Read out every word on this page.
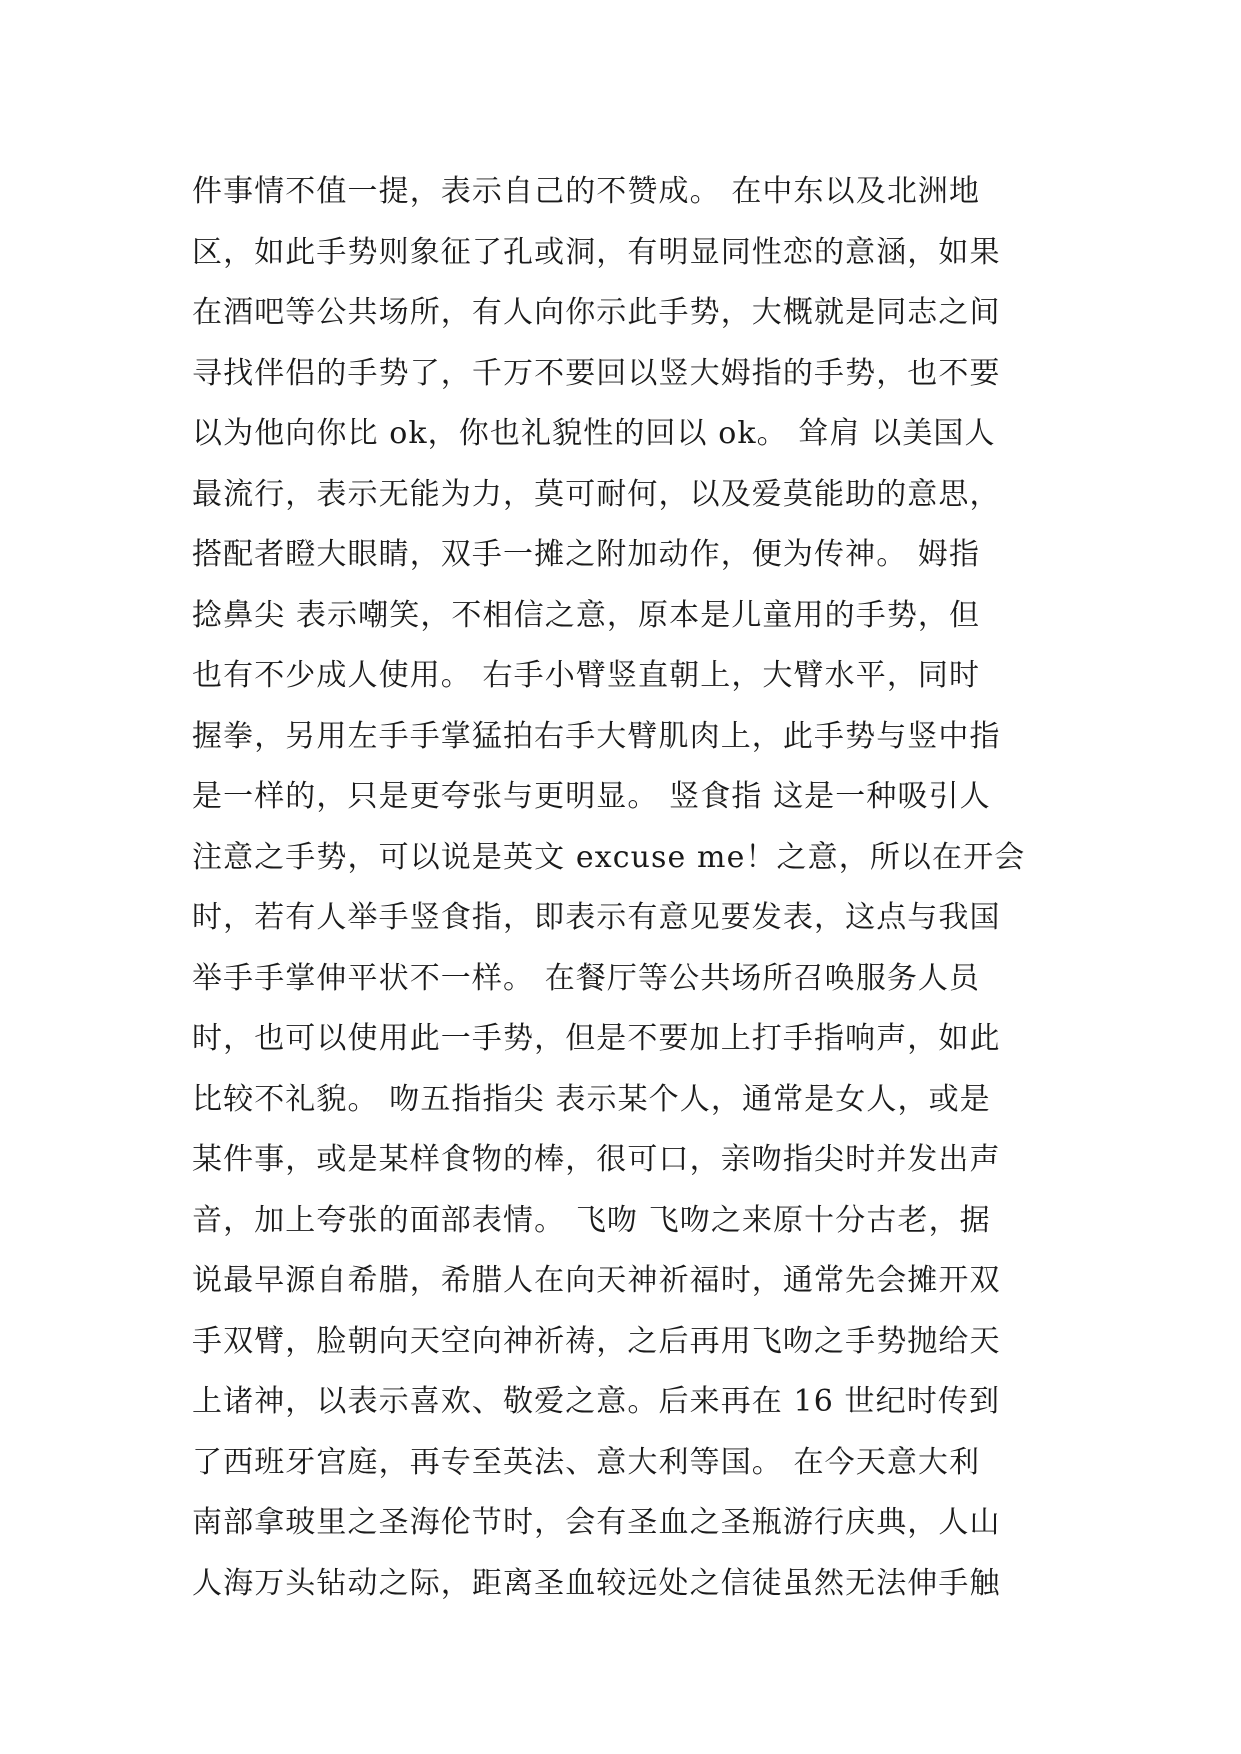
件事情不值一提，表示自己的不赞成。 在中东以及北洲地
区，如此手势则象征了孔或洞，有明显同性恋的意涵，如果
在酒吧等公共场所，有人向你示此手势，大概就是同志之间
寻找伴侣的手势了，千万不要回以竖大姆指的手势，也不要
以为他向你比 ok，你也礼貌性的回以 ok。 耸肩 以美国人
最流行，表示无能为力，莫可耐何，以及爱莫能助的意思，
搭配者瞪大眼睛，双手一摊之附加动作，便为传神。 姆指
捻鼻尖 表示嘲笑，不相信之意，原本是儿童用的手势，但
也有不少成人使用。 右手小臂竖直朝上，大臂水平，同时
握拳，另用左手手掌猛拍右手大臂肌肉上，此手势与竖中指
是一样的，只是更夸张与更明显。 竖食指 这是一种吸引人
注意之手势，可以说是英文 excuse me！之意，所以在开会
时，若有人举手竖食指，即表示有意见要发表，这点与我国
举手手掌伸平状不一样。 在餐厅等公共场所召唤服务人员
时，也可以使用此一手势，但是不要加上打手指响声，如此
比较不礼貌。 吻五指指尖 表示某个人，通常是女人，或是
某件事，或是某样食物的棒，很可口，亲吻指尖时并发出声
音，加上夸张的面部表情。 飞吻 飞吻之来原十分古老，据
说最早源自希腊，希腊人在向天神祈福时，通常先会摊开双
手双臂，脸朝向天空向神祈祷，之后再用飞吻之手势抛给天
上诸神，以表示喜欢、敬爱之意。后来再在 16 世纪时传到
了西班牙宫庭，再专至英法、意大利等国。 在今天意大利
南部拿玻里之圣海伦节时，会有圣血之圣瓶游行庆典，人山
人海万头钻动之际，距离圣血较远处之信徒虽然无法伸手触
